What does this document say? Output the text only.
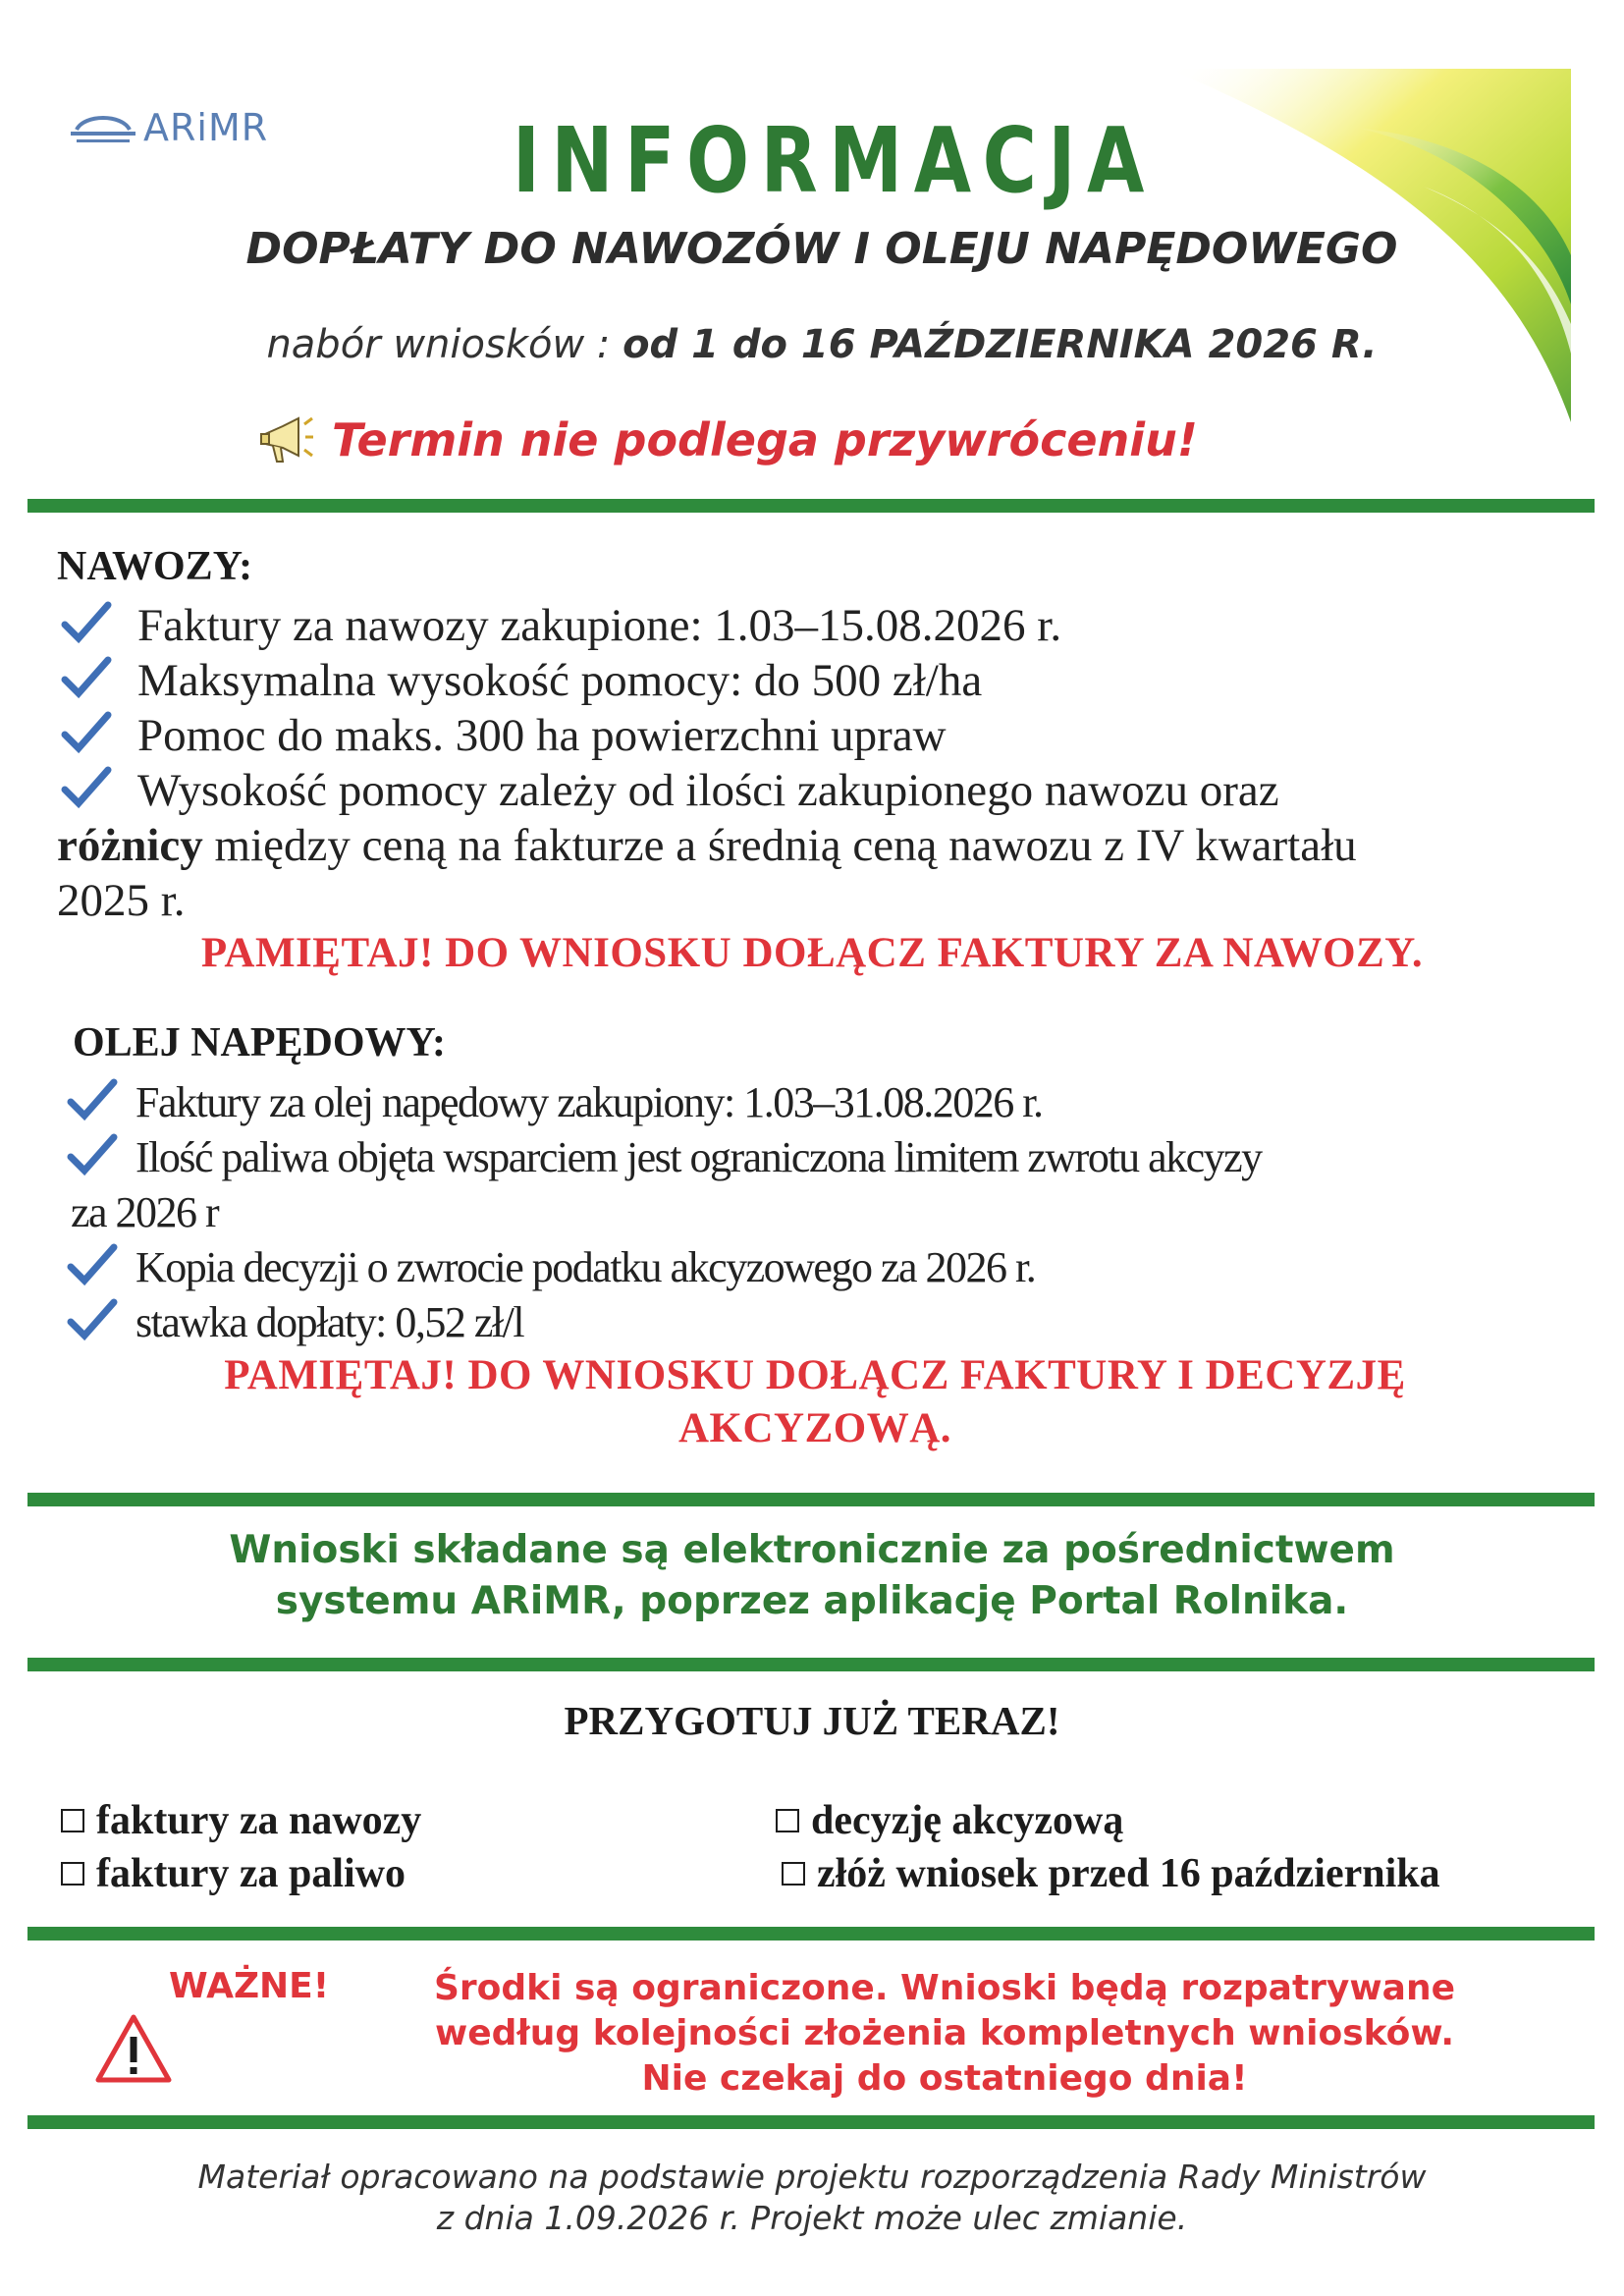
ARiMR	INFORMACJA
DOPŁATY DO NAWOZÓW I OLEJU NAPĘDOWEGO
nabór wniosków : od 1 do 16 PAŹDZIERNIKA 2026 R.
Termin nie podlega przywróceniu!
NAWOZY:
Faktury za nawozy zakupione: 1.03–15.08.2026 r.
Maksymalna wysokość pomocy: do 500 zł/ha
Pomoc do maks. 300 ha powierzchni upraw
Wysokość pomocy zależy od ilości zakupionego nawozu oraz
różnicy między ceną na fakturze a średnią ceną nawozu z IV kwartału
2025 r.
PAMIĘTAJ! DO WNIOSKU DOŁĄCZ FAKTURY ZA NAWOZY.
OLEJ NAPĘDOWY:
Faktury za olej napędowy zakupiony: 1.03–31.08.2026 r.
Ilość paliwa objęta wsparciem jest ograniczona limitem zwrotu akcyzy
za 2026 r
Kopia decyzji o zwrocie podatku akcyzowego za 2026 r.
stawka dopłaty: 0,52 zł/l
PAMIĘTAJ! DO WNIOSKU DOŁĄCZ FAKTURY I DECYZJĘ
AKCYZOWĄ.
Wnioski składane są elektronicznie za pośrednictwem
systemu ARiMR, poprzez aplikację Portal Rolnika.
PRZYGOTUJ JUŻ TERAZ!
faktury za nawozy
faktury za paliwo
decyzję akcyzową
złóż wniosek przed 16 października
WAŻNE!	Środki są ograniczone. Wnioski będą rozpatrywane
według kolejności złożenia kompletnych wniosków.
Nie czekaj do ostatniego dnia!
Materiał opracowano na podstawie projektu rozporządzenia Rady Ministrów
z dnia 1.09.2026 r. Projekt może ulec zmianie.
